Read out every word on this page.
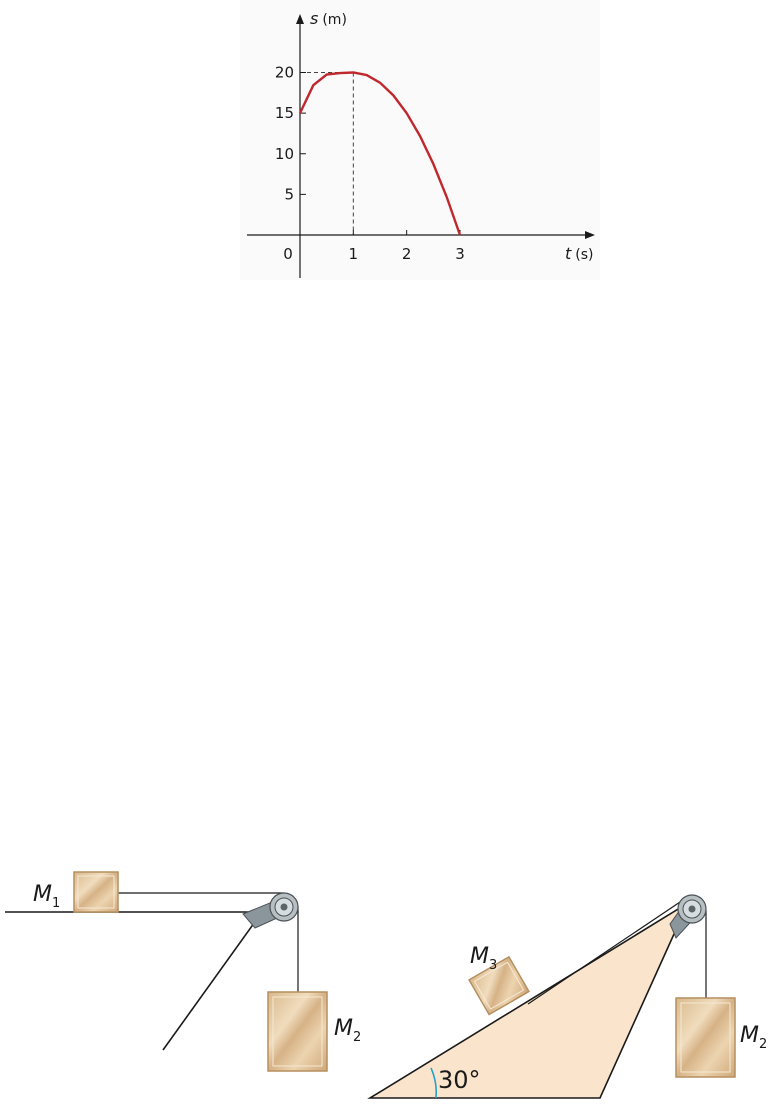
0	1	2	3
5
10
15
20
s (m)
t (s)
$M_1$
$M_2$
30°
$M_3$
$M_2$
